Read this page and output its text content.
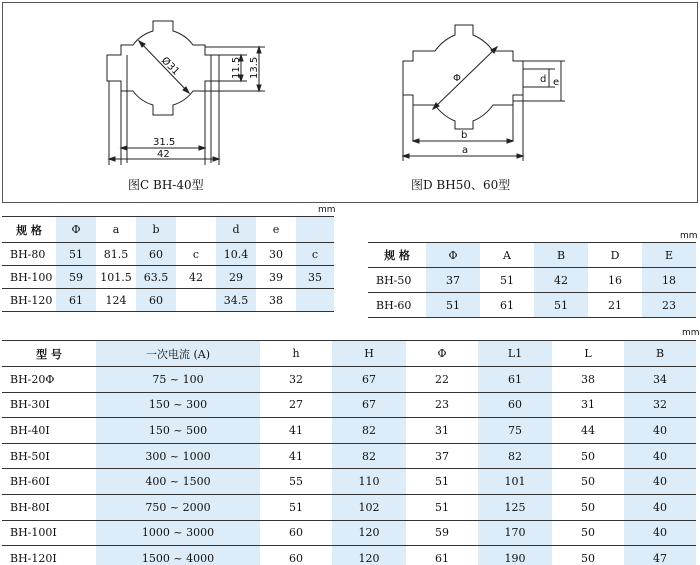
Ø31	11.5 13.5
31.5
42
Φ	d e
b
a
图C BH-40型	图D BH50、60型
mm
规 格	Φ	a	b		d	e	
BH-80	51	81.5	60	c	10.4	30	c
BH-100	59	101.5	63.5	42	29	39	35
BH-120	61	124	60		34.5	38	
mm
规 格	Φ	A	B	D	E
BH-50	37	51	42	16	18
BH-60	51	61	51	21	23
mm
型 号	一次电流 (A)	h	H	Φ	L1	L	B
BH-20Φ	75 ~ 100	32	67	22	61	38	34
BH-30I	150 ~ 300	27	67	23	60	31	32
BH-40I	150 ~ 500	41	82	31	75	44	40
BH-50I	300 ~ 1000	41	82	37	82	50	40
BH-60I	400 ~ 1500	55	110	51	101	50	40
BH-80I	750 ~ 2000	51	102	51	125	50	40
BH-100I	1000 ~ 3000	60	120	59	170	50	40
BH-120I	1500 ~ 4000	60	120	61	190	50	47
